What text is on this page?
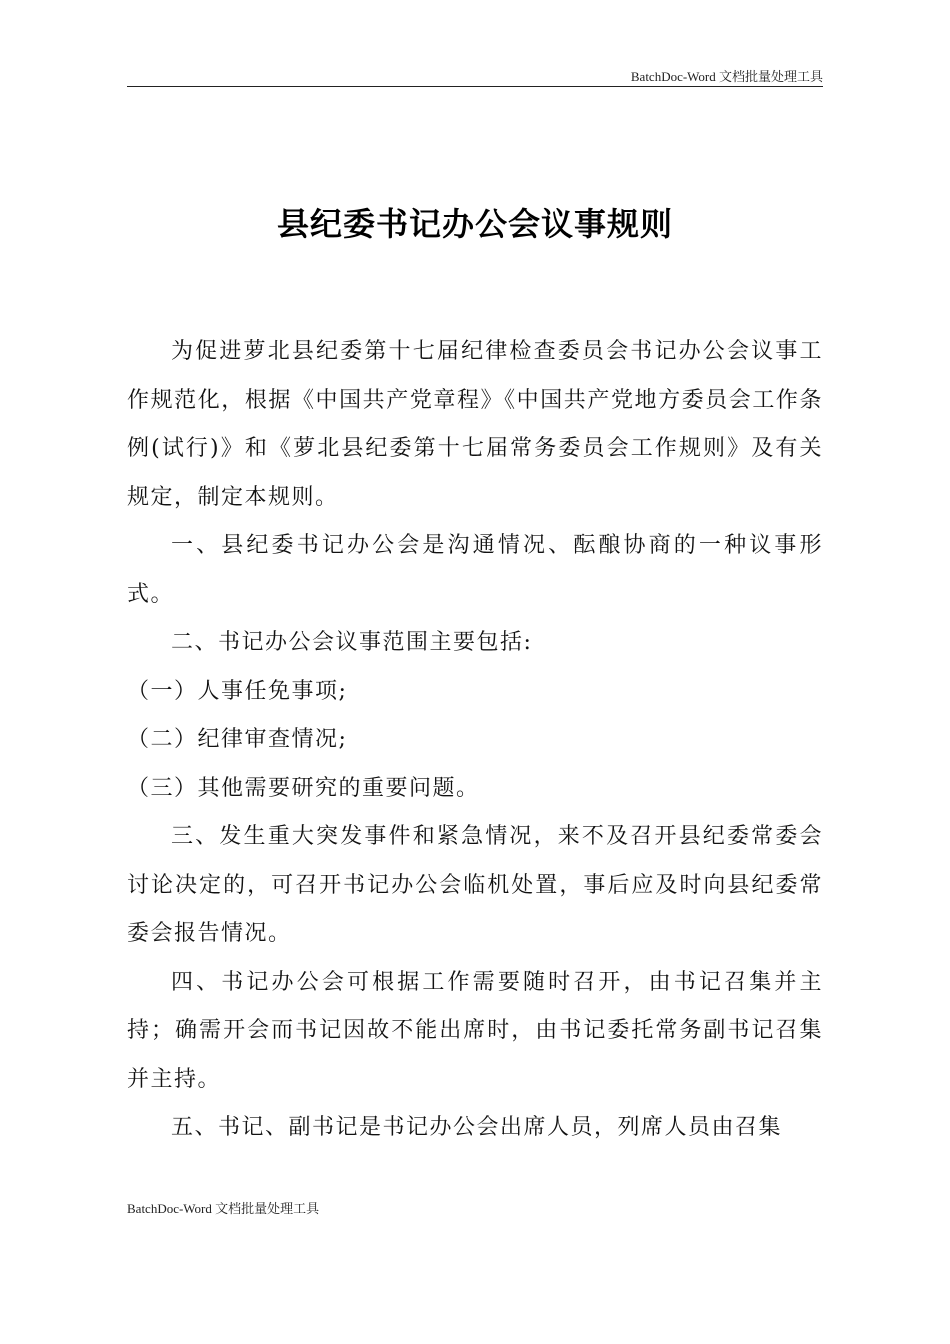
BatchDoc-Word 文档批量处理工具
县纪委书记办公会议事规则

为促进萝北县纪委第十七届纪律检查委员会书记办公会议事工作规范化，根据《中国共产党章程》《中国共产党地方委员会工作条例(试行)》和《萝北县纪委第十七届常务委员会工作规则》及有关规定，制定本规则。

一、县纪委书记办公会是沟通情况、酝酿协商的一种议事形式。

二、书记办公会议事范围主要包括:

（一）人事任免事项;

（二）纪律审查情况;

（三）其他需要研究的重要问题。

三、发生重大突发事件和紧急情况，来不及召开县纪委常委会讨论决定的，可召开书记办公会临机处置，事后应及时向县纪委常委会报告情况。

四、书记办公会可根据工作需要随时召开，由书记召集并主持；确需开会而书记因故不能出席时，由书记委托常务副书记召集并主持。

五、书记、副书记是书记办公会出席人员，列席人员由召集

BatchDoc-Word 文档批量处理工具
